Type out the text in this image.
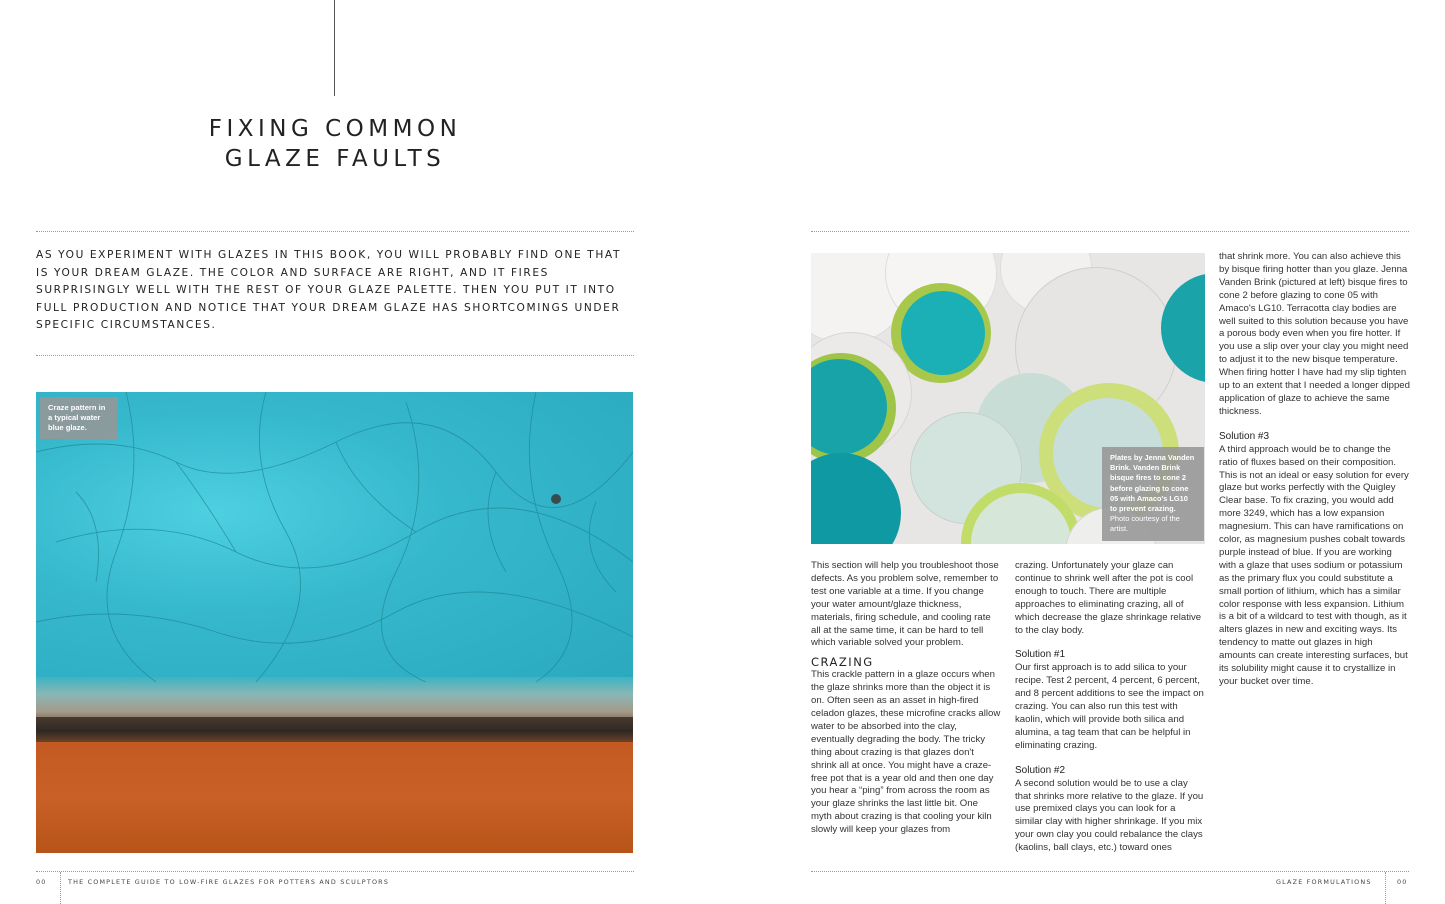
FIXING COMMON
GLAZE FAULTS

AS YOU EXPERIMENT WITH GLAZES IN THIS BOOK, YOU WILL PROBABLY FIND ONE THAT IS YOUR DREAM GLAZE. THE COLOR AND SURFACE ARE RIGHT, AND IT FIRES SURPRISINGLY WELL WITH THE REST OF YOUR GLAZE PALETTE. THEN YOU PUT IT INTO FULL PRODUCTION AND NOTICE THAT YOUR DREAM GLAZE HAS SHORTCOMINGS UNDER SPECIFIC CIRCUMSTANCES.

Craze pattern in a typical water blue glaze.
00	THE COMPLETE GUIDE TO LOW-FIRE GLAZES FOR POTTERS AND SCULPTORS
Plates by Jenna Vanden Brink. Vanden Brink bisque fires to cone 2 before glazing to cone 05 with Amaco's LG10 to prevent crazing.
Photo courtesy of the artist.

This section will help you troubleshoot those defects. As you problem solve, remember to test one variable at a time. If you change your water amount/glaze thickness, materials, firing schedule, and cooling rate all at the same time, it can be hard to tell which variable solved your problem.

CRAZING

This crackle pattern in a glaze occurs when the glaze shrinks more than the object it is on. Often seen as an asset in high-fired celadon glazes, these microfine cracks allow water to be absorbed into the clay, eventually degrading the body. The tricky thing about crazing is that glazes don't shrink all at once. You might have a craze-free pot that is a year old and then one day you hear a “ping” from across the room as your glaze shrinks the last little bit. One myth about crazing is that cooling your kiln slowly will keep your glazes from

crazing. Unfortunately your glaze can continue to shrink well after the pot is cool enough to touch. There are multiple approaches to eliminating crazing, all of which decrease the glaze shrinkage relative to the clay body.

Solution #1

Our first approach is to add silica to your recipe. Test 2 percent, 4 percent, 6 percent, and 8 percent additions to see the impact on crazing. You can also run this test with kaolin, which will provide both silica and alumina, a tag team that can be helpful in eliminating crazing.

Solution #2

A second solution would be to use a clay that shrinks more relative to the glaze. If you use premixed clays you can look for a similar clay with higher shrinkage. If you mix your own clay you could rebalance the clays (kaolins, ball clays, etc.) toward ones

that shrink more. You can also achieve this by bisque firing hotter than you glaze. Jenna Vanden Brink (pictured at left) bisque fires to cone 2 before glazing to cone 05 with Amaco's LG10. Terracotta clay bodies are well suited to this solution because you have a porous body even when you fire hotter. If you use a slip over your clay you might need to adjust it to the new bisque temperature. When firing hotter I have had my slip tighten up to an extent that I needed a longer dipped application of glaze to achieve the same thickness.

Solution #3

A third approach would be to change the ratio of fluxes based on their composition. This is not an ideal or easy solution for every glaze but works perfectly with the Quigley Clear base. To fix crazing, you would add more 3249, which has a low expansion magnesium. This can have ramifications on color, as magnesium pushes cobalt towards purple instead of blue. If you are working with a glaze that uses sodium or potassium as the primary flux you could substitute a small portion of lithium, which has a similar color response with less expansion. Lithium is a bit of a wildcard to test with though, as it alters glazes in new and exciting ways. Its tendency to matte out glazes in high amounts can create interesting surfaces, but its solubility might cause it to crystallize in your bucket over time.

GLAZE FORMULATIONS	00
